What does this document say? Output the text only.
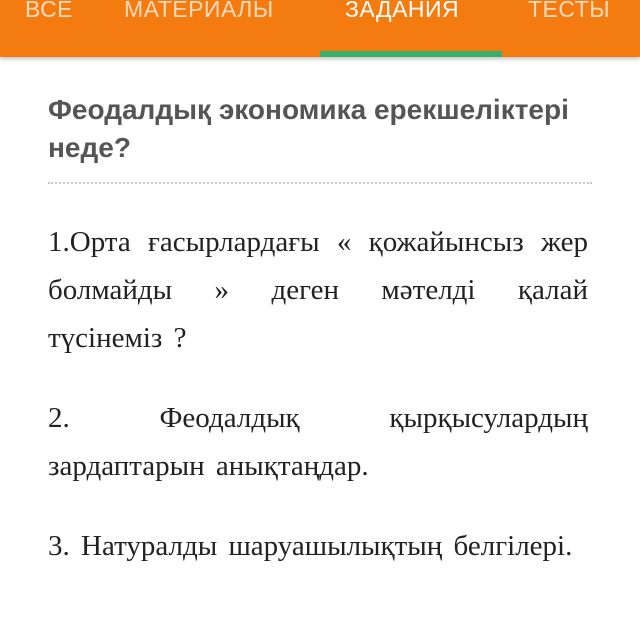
ВСЕ МАТЕРИАЛЫ	ЗАДАНИЯ	ТЕСТЫ
Феодалдық экономика ерекшеліктері неде?

1.Орта ғасырлардағы « қожайынсыз жер болмайды » деген мәтелді қалай түсінеміз ?

2. Феодалдық қырқысулардың зардаптарын анықтаңдар.

3. Натуралды шаруашылықтың белгілері.
